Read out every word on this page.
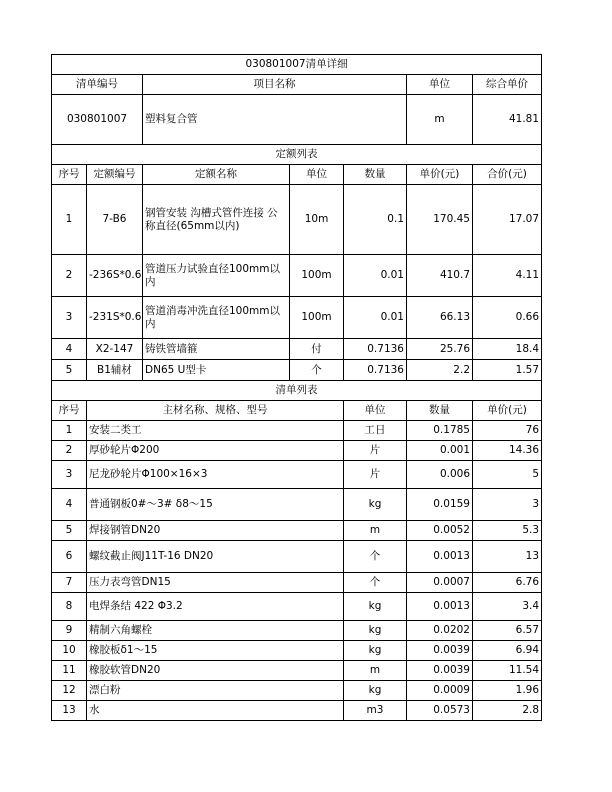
030801007清单详细							
清单编号		项目名称			单位	综合单价	
030801007		塑料复合管			m	41.81	
定额列表							
序号	定额编号	定额名称	单位	数量	单价(元)	合价(元)	
1	7-B6	钢管安装 沟槽式管件连接 公称直径(65mm以内)	10m	0.1	170.45	17.07	
2	-236S*0.6	管道压力试验直径100mm以内	100m	0.01	410.7	4.11	
3	-231S*0.6	管道消毒冲洗直径100mm以内	100m	0.01	66.13	0.66	
4	X2-147	铸铁管墙箍	付	0.7136	25.76	18.4	
5	B1辅材	DN65 U型卡	个	0.7136	2.2	1.57	
清单列表							
序号	主材名称、规格、型号			单位	数量	单价(元)	
1	安装二类工			工日	0.1785	76	
2	厚砂轮片Φ200			片	0.001	14.36	
3	尼龙砂轮片Φ100×16×3			片	0.006	5	
4	普通钢板0#～3# δ8～15			kg	0.0159	3	
5	焊接钢管DN20			m	0.0052	5.3	
6	螺纹截止阀J11T-16 DN20			个	0.0013	13	
7	压力表弯管DN15			个	0.0007	6.76	
8	电焊条结 422 Φ3.2			kg	0.0013	3.4	
9	精制六角螺栓			kg	0.0202	6.57	
10	橡胶板δ1～15			kg	0.0039	6.94	
11	橡胶软管DN20			m	0.0039	11.54	
12	漂白粉			kg	0.0009	1.96	
13	水			m3	0.0573	2.8	
